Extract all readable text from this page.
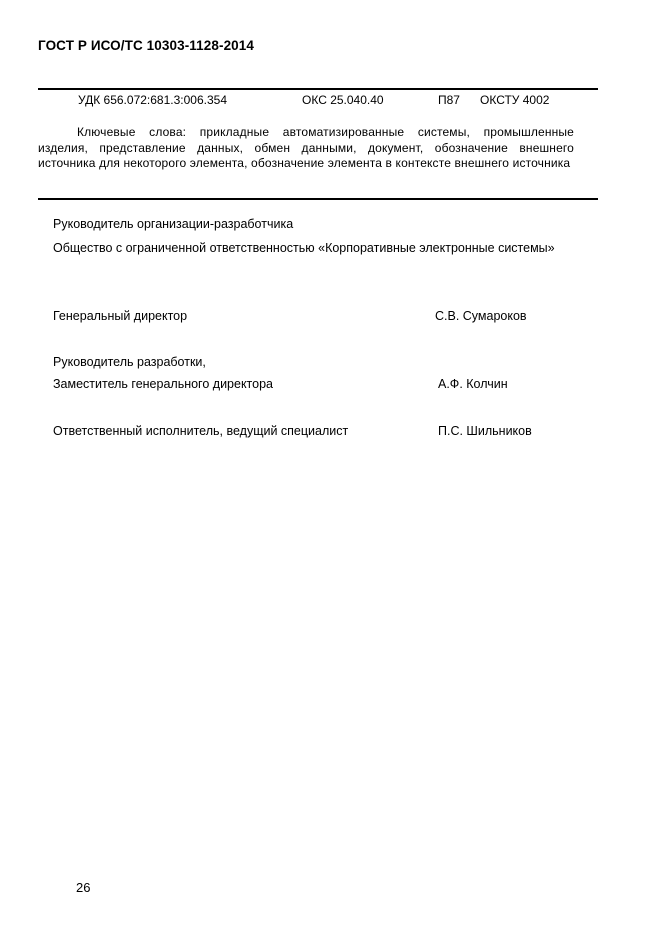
ГОСТ Р ИСО/ТС 10303-1128-2014
УДК 656.072:681.3:006.354	ОКС 25.040.40	П87 ОКСТУ 4002
Ключевые слова: прикладные автоматизированные системы, промышленные изделия, представление данных, обмен данными, документ, обозначение внешнего источника для некоторого элемента, обозначение элемента в контексте внешнего источника
Руководитель организации-разработчика
Общество с ограниченной ответственностью «Корпоративные электронные системы»
Генеральный директор	С.В. Сумароков
Руководитель разработки,
Заместитель генерального директора	А.Ф. Колчин
Ответственный исполнитель, ведущий специалист	П.С. Шильников
26
